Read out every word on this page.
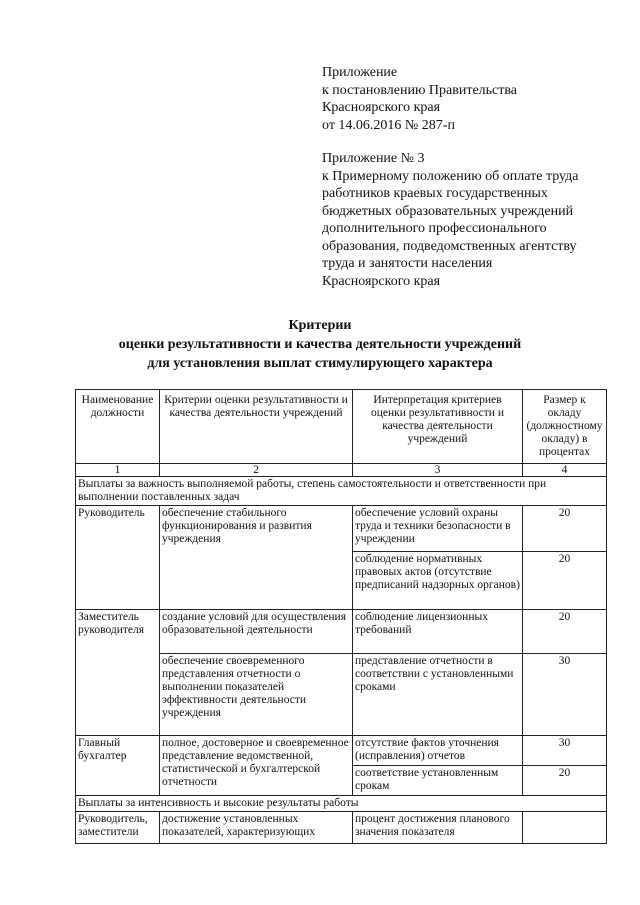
Приложение
к постановлению Правительства
Красноярского края
от 14.06.2016 № 287-п
Приложение № 3
к Примерному положению об оплате труда
работников краевых государственных
бюджетных образовательных учреждений
дополнительного профессионального
образования, подведомственных агентству
труда и занятости населения
Красноярского края
Критерии
оценки результативности и качества деятельности учреждений
для установления выплат стимулирующего характера
Наименование должности	Критерии оценки результативности и качества деятельности учреждений	Интерпретация критериев оценки результативности и качества деятельности учреждений	Размер к окладу (должностному окладу) в процентах
1	2	3	4
Выплаты за важность выполняемой работы, степень самостоятельности и ответственности при выполнении поставленных задач			
Руководитель	обеспечение стабильного функционирования и развития учреждения	обеспечение условий охраны труда и техники безопасности в учреждении	20
		соблюдение нормативных правовых актов (отсутствие предписаний надзорных органов)	20
Заместитель руководителя	создание условий для осуществления образовательной деятельности	соблюдение лицензионных требований	20
	обеспечение своевременного представления отчетности о выполнении показателей эффективности деятельности учреждения	представление отчетности в соответствии с установленными сроками	30
Главный бухгалтер	полное, достоверное и своевременное представление ведомственной, статистической и бухгалтерской отчетности	отсутствие фактов уточнения (исправления) отчетов	30
		соответствие установленным срокам	20
Выплаты за интенсивность и высокие результаты работы			
Руководитель, заместители	достижение установленных показателей, характеризующих	процент достижения планового значения показателя	
